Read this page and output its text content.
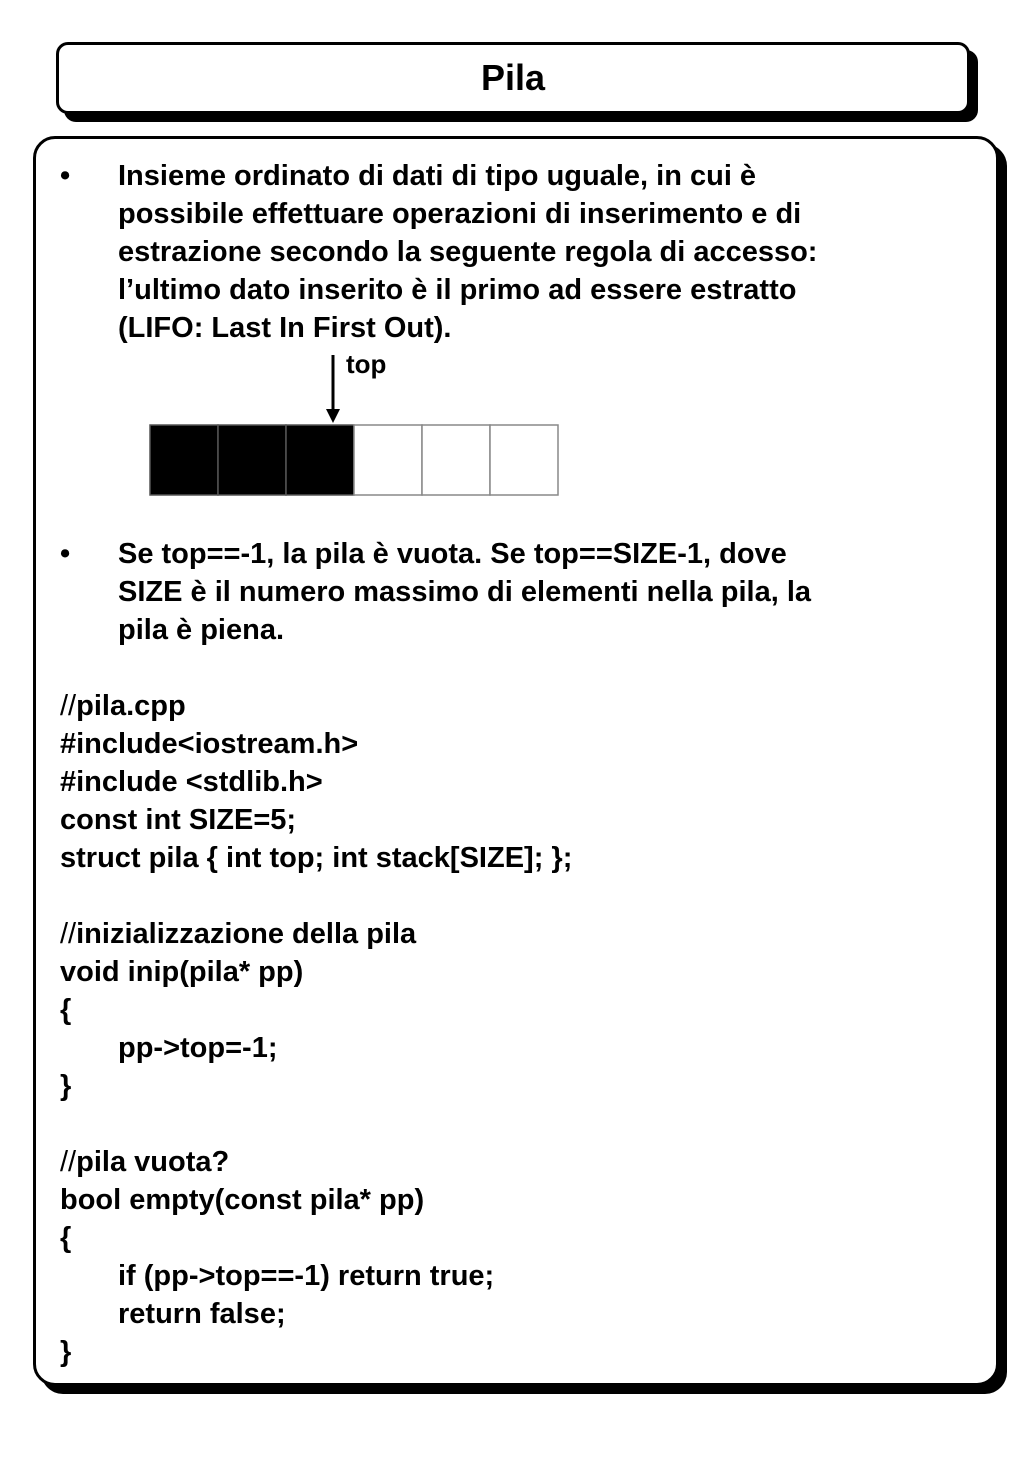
Pila
•	Insieme ordinato di dati di tipo uguale, in cui è
possibile effettuare operazioni di inserimento e di
estrazione secondo la seguente regola di accesso:
l’ultimo dato inserito è il primo ad essere estratto
(LIFO: Last In First Out).
top
•	Se top==-1, la pila è vuota. Se top==SIZE-1, dove
SIZE è il numero massimo di elementi nella pila, la
pila è piena.
//pila.cpp
#include<iostream.h>
#include <stdlib.h>
const int SIZE=5;
struct pila { int top; int stack[SIZE]; };
//inizializzazione della pila
void inip(pila* pp)
{
pp->top=-1;
}
//pila vuota?
bool empty(const pila* pp)
{
if (pp->top==-1) return true;
return false;
}
